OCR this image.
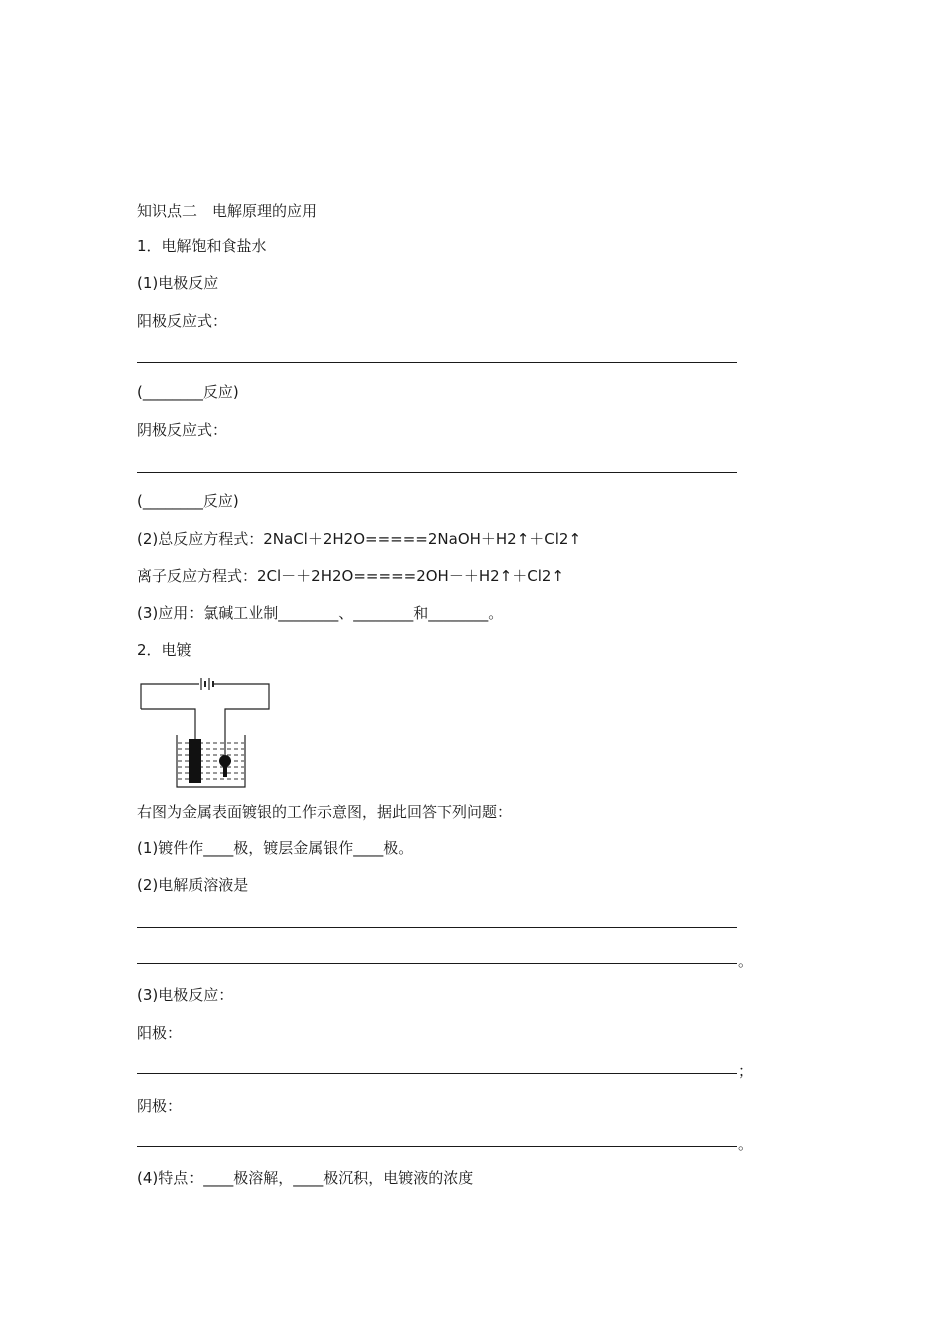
知识点二　电解原理的应用
1．电解饱和食盐水
(1)电极反应
阳极反应式：
(________反应)
阴极反应式：
(________反应)
(2)总反应方程式：2NaCl＋2H2O=====2NaOH＋H2↑＋Cl2↑
离子反应方程式：2Cl－＋2H2O=====2OH－＋H2↑＋Cl2↑
(3)应用：氯碱工业制________、________和________。
2．电镀
右图为金属表面镀银的工作示意图，据此回答下列问题：
(1)镀件作____极，镀层金属银作____极。
(2)电解质溶液是
。
(3)电极反应：
阳极：
；
阴极：
。
(4)特点：____极溶解，____极沉积，电镀液的浓度
